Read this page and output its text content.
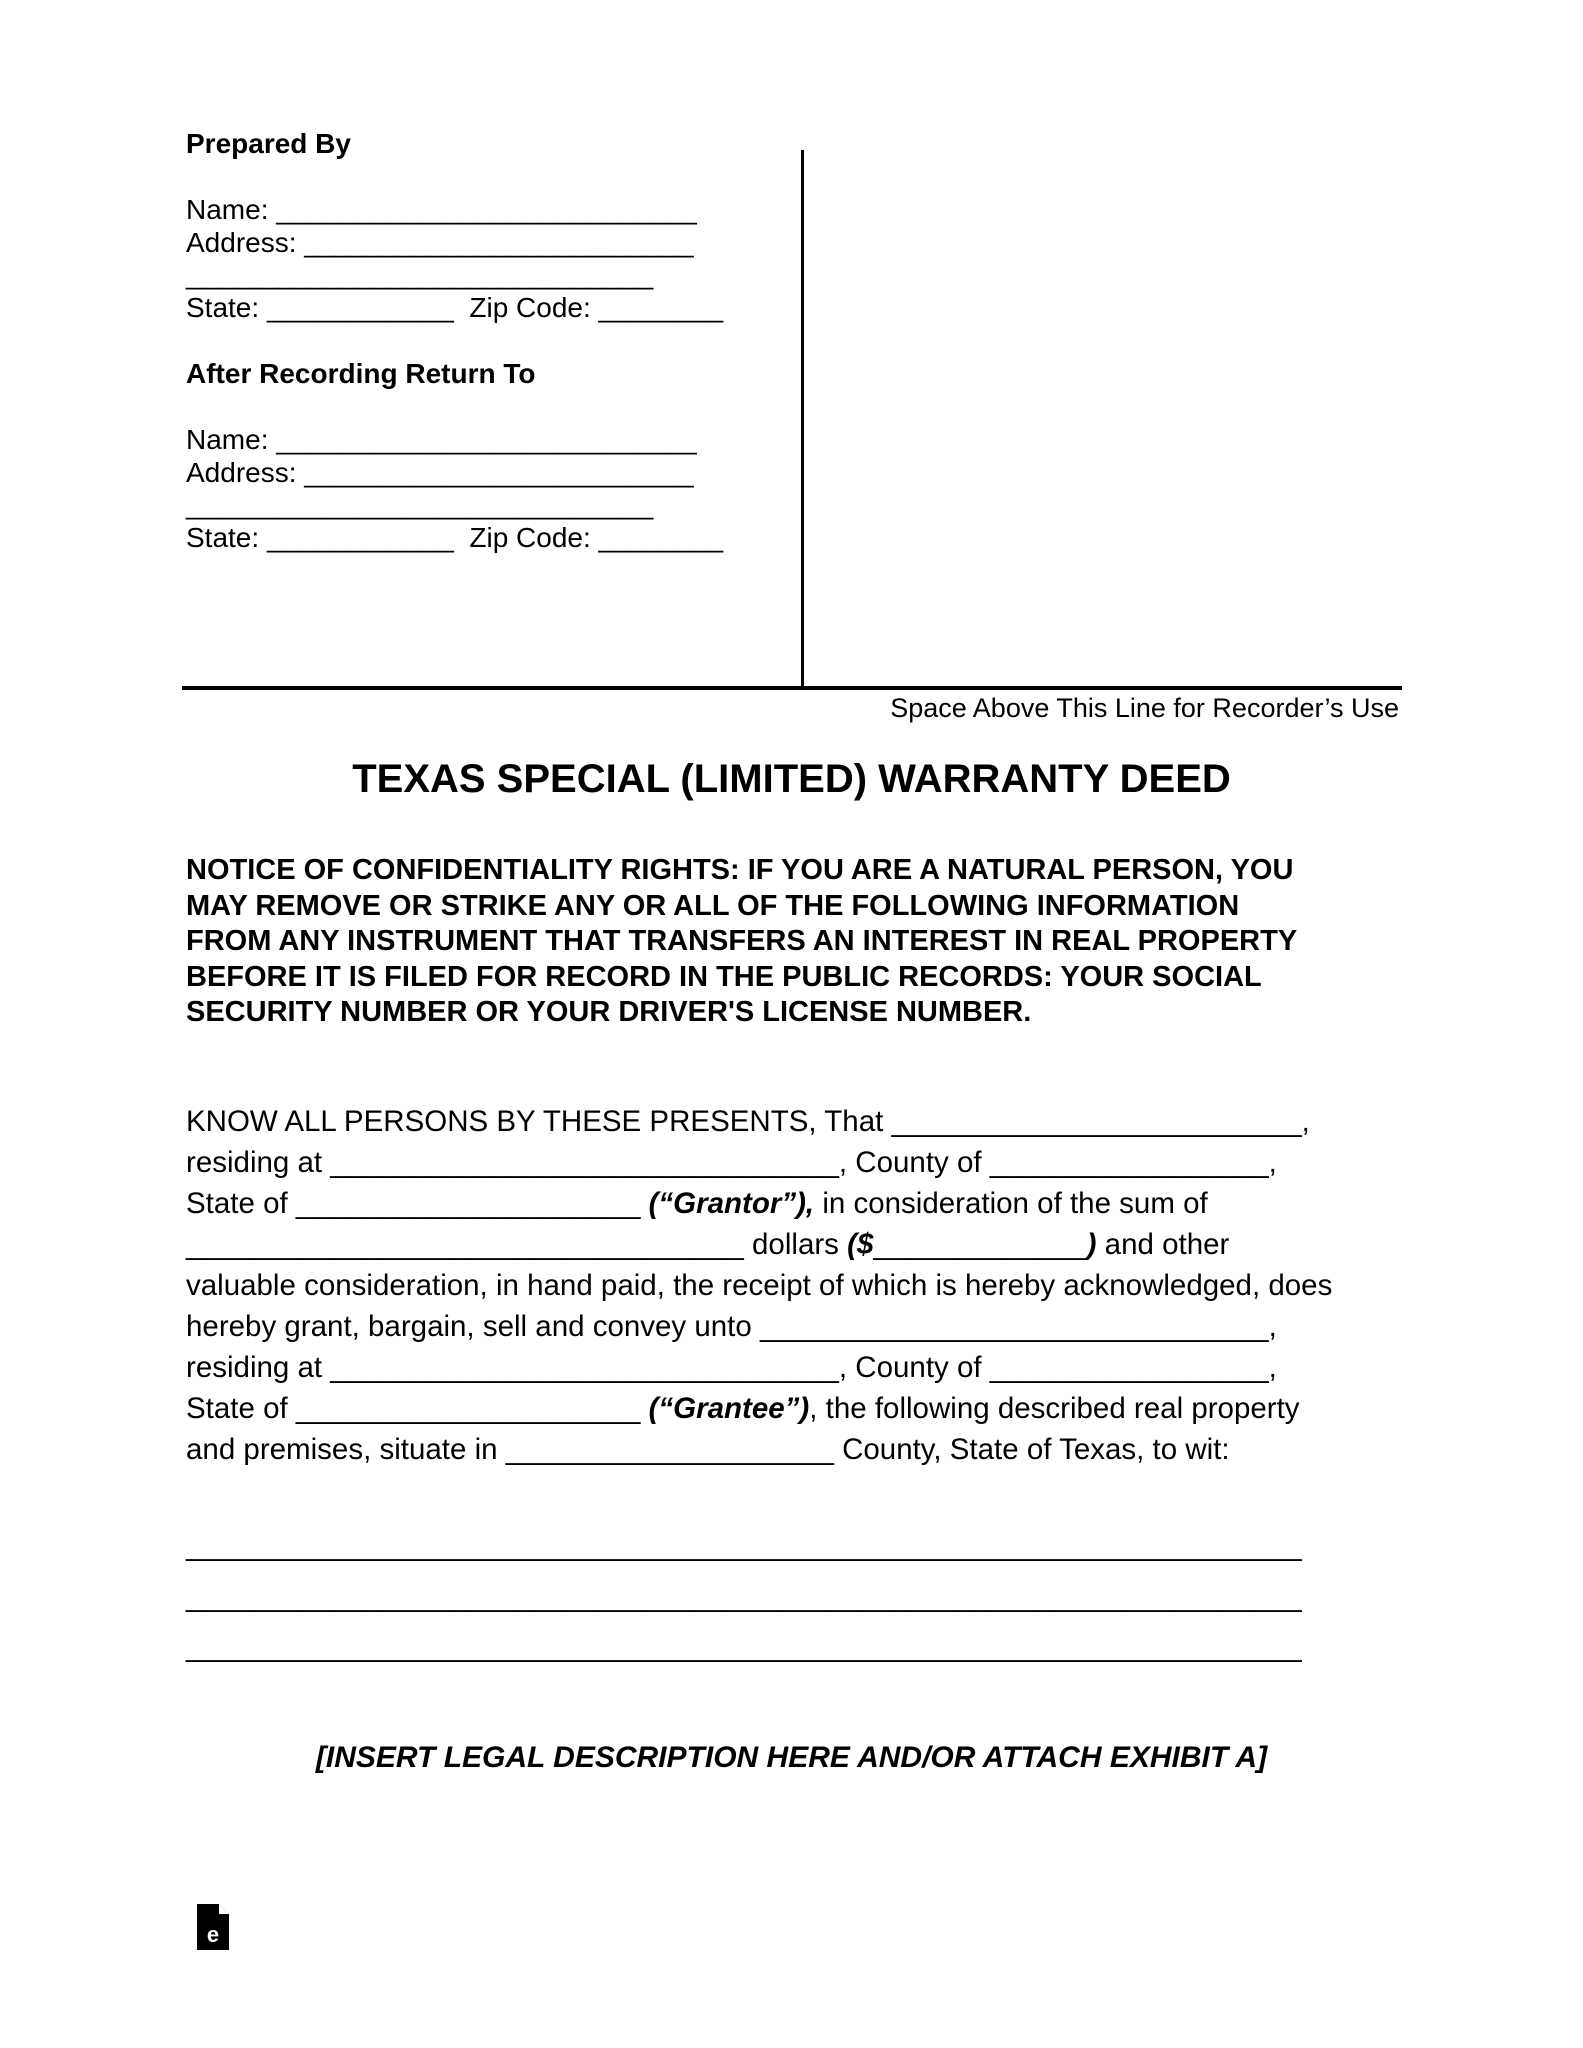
Prepared By
Name: ___________________________
Address: _________________________
______________________________
State: ____________  Zip Code: ________
After Recording Return To
Name: ___________________________
Address: _________________________
______________________________
State: ____________  Zip Code: ________
Space Above This Line for Recorder’s Use
TEXAS SPECIAL (LIMITED) WARRANTY DEED
NOTICE OF CONFIDENTIALITY RIGHTS: IF YOU ARE A NATURAL PERSON, YOU
MAY REMOVE OR STRIKE ANY OR ALL OF THE FOLLOWING INFORMATION
FROM ANY INSTRUMENT THAT TRANSFERS AN INTEREST IN REAL PROPERTY
BEFORE IT IS FILED FOR RECORD IN THE PUBLIC RECORDS: YOUR SOCIAL
SECURITY NUMBER OR YOUR DRIVER'S LICENSE NUMBER.
KNOW ALL PERSONS BY THESE PRESENTS, That _________________________,
residing at _______________________________, County of _________________,
State of _____________________ (“Grantor”), in consideration of the sum of
__________________________________ dollars ($_____________) and other
valuable consideration, in hand paid, the receipt of which is hereby acknowledged, does
hereby grant, bargain, sell and convey unto _______________________________,
residing at _______________________________, County of _________________,
State of _____________________ (“Grantee”), the following described real property
and premises, situate in ____________________ County, State of Texas, to wit:
____________________________________________________________________
____________________________________________________________________
____________________________________________________________________
[INSERT LEGAL DESCRIPTION HERE AND/OR ATTACH EXHIBIT A]
e
